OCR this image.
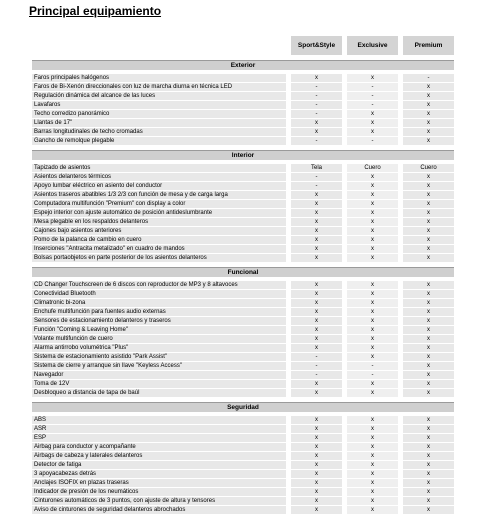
Principal equipamiento
		Sport&Style		Exclusive		Premium

Exterior						

Faros principales halógenos		x		x		-
Faros de Bi-Xenón direccionales con luz de marcha diurna en técnica LED		-		-		x
Regulación dinámica del alcance de las luces		-		-		x
Lavafaros		-		-		x
Techo corredizo panorámico		-		x		x
Llantas de 17"		x		x		x
Barras longitudinales de techo cromadas		x		x		x
Gancho de remolque plegable		-		-		x

Interior						

Tapizado de asientos		Tela		Cuero		Cuero
Asientos delanteros térmicos		-		x		x
Apoyo lumbar eléctrico en asiento del conductor		-		x		x
Asientos traseros abatibles 1/3 2/3 con función de mesa y de carga larga		x		x		x
Computadora multifunción "Premium" con display a color		x		x		x
Espejo interior con ajuste automático de posición antideslumbrante		x		x		x
Mesa plegable en los respaldos delanteros		x		x		x
Cajones bajo asientos anteriores		x		x		x
Pomo de la palanca de cambio en cuero		x		x		x
Inserciones "Antracita metalizado" en cuadro de mandos		x		x		x
Bolsas portaobjetos en parte posterior de los asientos delanteros		x		x		x

Funcional						

CD Changer Touchscreen de 6 discos con reproductor de MP3 y 8 altavoces		x		x		x
Conectividad Bluetooth		x		x		x
Climatronic bi-zona		x		x		x
Enchufe multifunción para fuentes audio externas		x		x		x
Sensores de estacionamiento delanteros y traseros		x		x		x
Función "Coming & Leaving Home"		x		x		x
Volante multifunción de cuero		x		x		x
Alarma antirrobo volumétrica "Plus"		x		x		x
Sistema de estacionamiento asistido "Park Assist"		-		x		x
Sistema de cierre y arranque sin llave "Keyless Access"		-		-		x
Navegador		-		-		x
Toma de 12V		x		x		x
Desbloqueo a distancia de tapa de baúl		x		x		x

Seguridad						

ABS		x		x		x
ASR		x		x		x
ESP		x		x		x
Airbag para conductor y acompañante		x		x		x
Airbags de cabeza y laterales delanteros		x		x		x
Detector de fatiga		x		x		x
3 apoyacabezas detrás		x		x		x
Anclajes ISOFIX en plazas traseras		x		x		x
Indicador de presión de los neumáticos		x		x		x
Cinturones automáticos de 3 puntos, con ajuste de altura y tensores		x		x		x
Aviso de cinturones de seguridad delanteros abrochados		x		x		x
